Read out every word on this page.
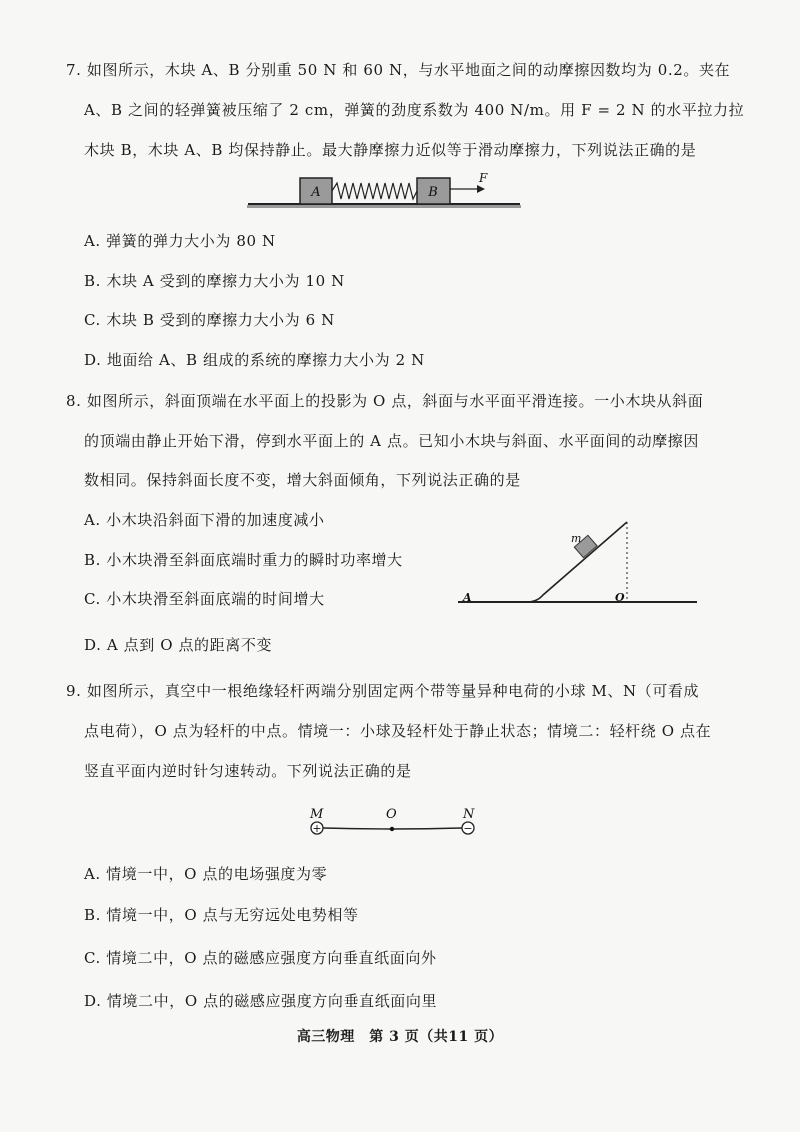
7. 如图所示，木块 A、B 分别重 50 N 和 60 N，与水平地面之间的动摩擦因数均为 0.2。夹在
A、B 之间的轻弹簧被压缩了 2 cm，弹簧的劲度系数为 400 N/m。用 F = 2 N 的水平拉力拉
木块 B，木块 A、B 均保持静止。最大静摩擦力近似等于滑动摩擦力，下列说法正确的是
A	B
F
A. 弹簧的弹力大小为 80 N
B. 木块 A 受到的摩擦力大小为 10 N
C. 木块 B 受到的摩擦力大小为 6 N
D. 地面给 A、B 组成的系统的摩擦力大小为 2 N
8. 如图所示，斜面顶端在水平面上的投影为 O 点，斜面与水平面平滑连接。一小木块从斜面
的顶端由静止开始下滑，停到水平面上的 A 点。已知小木块与斜面、水平面间的动摩擦因
数相同。保持斜面长度不变，增大斜面倾角，下列说法正确的是
A. 小木块沿斜面下滑的加速度减小
B. 小木块滑至斜面底端时重力的瞬时功率增大
C. 小木块滑至斜面底端的时间增大
D. A 点到 O 点的距离不变
m
A	O
9. 如图所示，真空中一根绝缘轻杆两端分别固定两个带等量异种电荷的小球 M、N（可看成
点电荷），O 点为轻杆的中点。情境一：小球及轻杆处于静止状态；情境二：轻杆绕 O 点在
竖直平面内逆时针匀速转动。下列说法正确的是
M	O	N
+	−
A. 情境一中，O 点的电场强度为零
B. 情境一中，O 点与无穷远处电势相等
C. 情境二中，O 点的磁感应强度方向垂直纸面向外
D. 情境二中，O 点的磁感应强度方向垂直纸面向里
高三物理　第 3 页（共11 页）
